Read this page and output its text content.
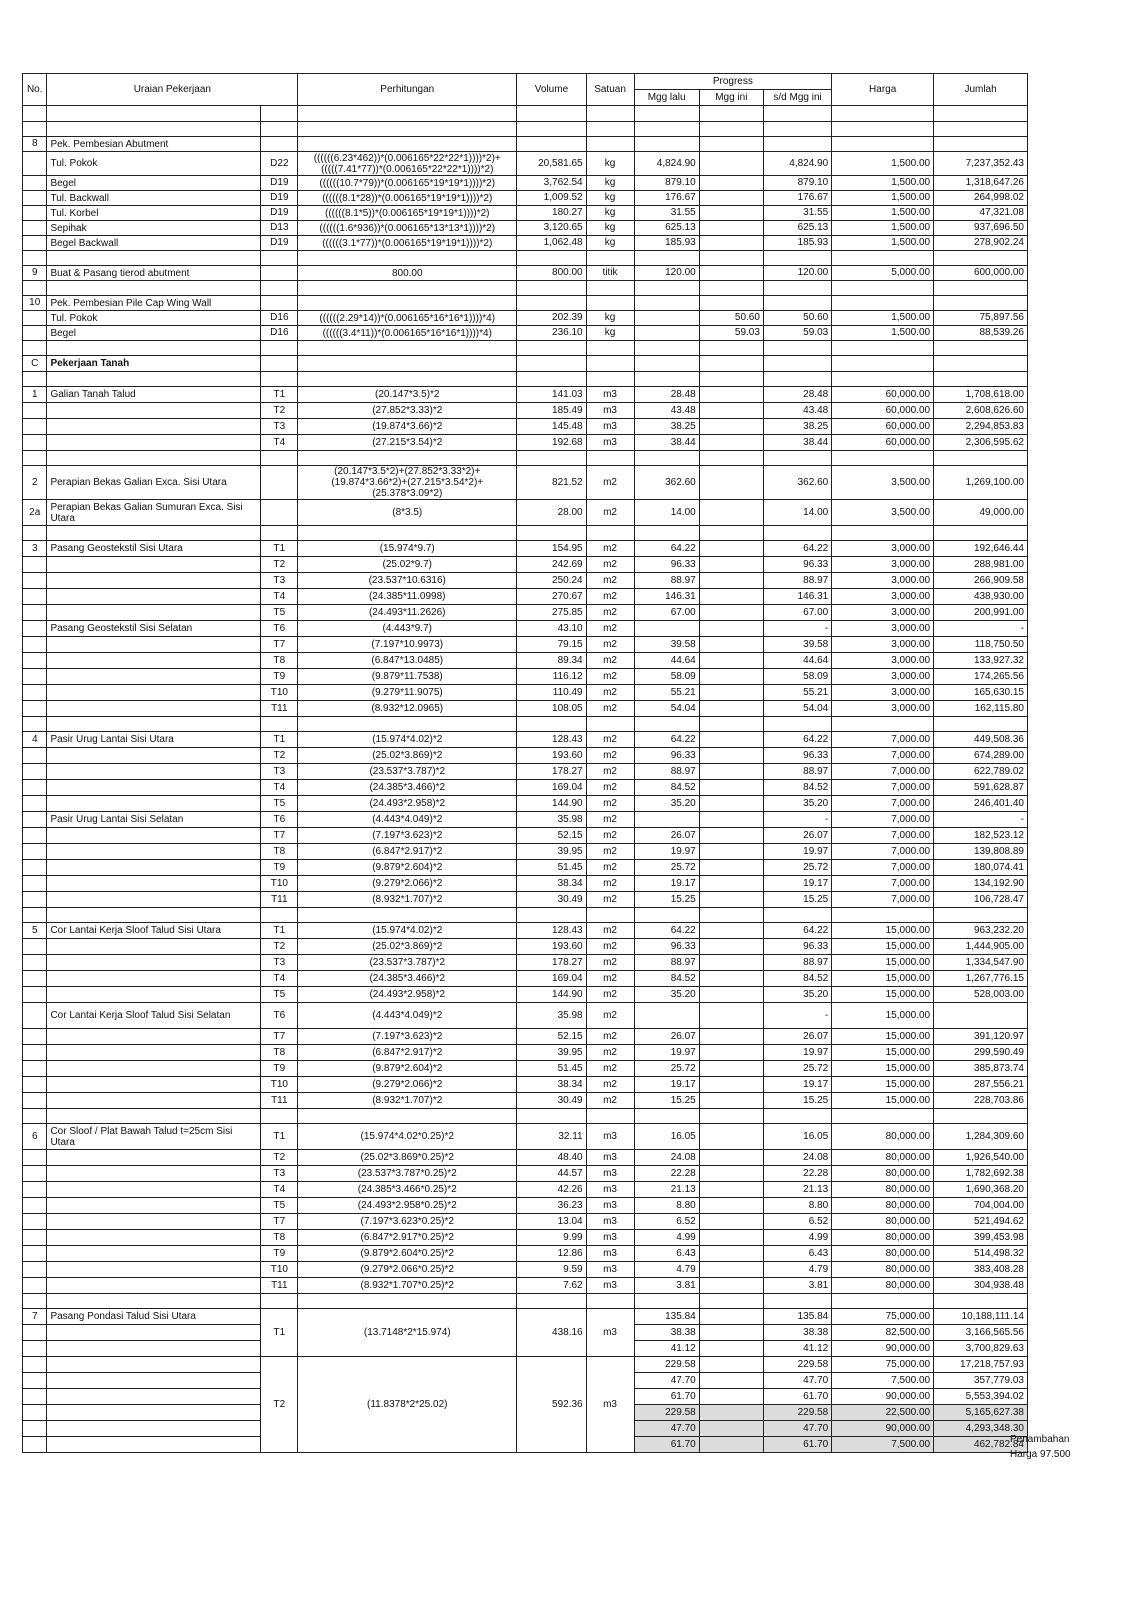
No.	Uraian Pekerjaan		Perhitungan	Volume	Satuan	Progress			Harga	Jumlah
						Mgg lalu	Mgg ini	s/d Mgg ini		

8	Pek. Pembesian Abutment									
	Tul. Pokok	D22	((((((6.23*462))*(0.006165*22*22*1))))*2)+(((((7.41*77))*(0.006165*22*22*1))))*2)	20,581.65	kg	4,824.90		4,824.90	1,500.00	7,237,352.43
	Begel	D19	((((((10.7*79))*(0.006165*19*19*1))))*2)	3,762.54	kg	879.10		879.10	1,500.00	1,318,647.26
	Tul. Backwall	D19	((((((8.1*28))*(0.006165*19*19*1))))*2)	1,009.52	kg	176.67		176.67	1,500.00	264,998.02
	Tul. Korbel	D19	((((((8.1*5))*(0.006165*19*19*1))))*2)	180.27	kg	31.55		31.55	1,500.00	47,321.08
	Sepihak	D13	((((((1.6*936))*(0.006165*13*13*1))))*2)	3,120.65	kg	625.13		625.13	1,500.00	937,696.50
	Begel Backwall	D19	((((((3.1*77))*(0.006165*19*19*1))))*2)	1,062.48	kg	185.93		185.93	1,500.00	278,902.24

9	Buat & Pasang tierod abutment		800.00	800.00	titik	120.00		120.00	5,000.00	600,000.00

10	Pek. Pembesian Pile Cap Wing Wall									
	Tul. Pokok	D16	((((((2.29*14))*(0.006165*16*16*1))))*4)	202.39	kg		50.60	50.60	1,500.00	75,897.56
	Begel	D16	((((((3.4*11))*(0.006165*16*16*1))))*4)	236.10	kg		59.03	59.03	1,500.00	88,539.26

C	Pekerjaan Tanah									

1	Galian Tanah Talud	T1	(20.147*3.5)*2	141.03	m3	28.48		28.48	60,000.00	1,708,618.00
		T2	(27.852*3.33)*2	185.49	m3	43.48		43.48	60,000.00	2,608,626.60
		T3	(19.874*3.66)*2	145.48	m3	38.25		38.25	60,000.00	2,294,853.83
		T4	(27.215*3.54)*2	192.68	m3	38.44		38.44	60,000.00	2,306,595.62

2	Perapian Bekas Galian Exca. Sisi Utara		(20.147*3.5*2)+(27.852*3.33*2)+(19.874*3.66*2)+(27.215*3.54*2)+(25.378*3.09*2)	821.52	m2	362.60		362.60	3,500.00	1,269,100.00
2a	Perapian Bekas Galian Sumuran Exca. Sisi Utara		(8*3.5)	28.00	m2	14.00		14.00	3,500.00	49,000.00

3	Pasang Geostekstil Sisi Utara	T1	(15.974*9.7)	154.95	m2	64.22		64.22	3,000.00	192,646.44
		T2	(25.02*9.7)	242.69	m2	96.33		96.33	3,000.00	288,981.00
		T3	(23.537*10.6316)	250.24	m2	88.97		88.97	3,000.00	266,909.58
		T4	(24.385*11.0998)	270.67	m2	146.31		146.31	3,000.00	438,930.00
		T5	(24.493*11.2626)	275.85	m2	67.00		67.00	3,000.00	200,991.00
	Pasang Geostekstil Sisi Selatan	T6	(4.443*9.7)	43.10	m2			-	3,000.00	-
		T7	(7.197*10.9973)	79.15	m2	39.58		39.58	3,000.00	118,750.50
		T8	(6.847*13.0485)	89.34	m2	44.64		44.64	3,000.00	133,927.32
		T9	(9.879*11.7538)	116.12	m2	58.09		58.09	3,000.00	174,265.56
		T10	(9.279*11.9075)	110.49	m2	55.21		55.21	3,000.00	165,630.15
		T11	(8.932*12.0965)	108.05	m2	54.04		54.04	3,000.00	162,115.80

4	Pasir Urug Lantai Sisi Utara	T1	(15.974*4.02)*2	128.43	m2	64.22		64.22	7,000.00	449,508.36
		T2	(25.02*3.869)*2	193.60	m2	96.33		96.33	7,000.00	674,289.00
		T3	(23.537*3.787)*2	178.27	m2	88.97		88.97	7,000.00	622,789.02
		T4	(24.385*3.466)*2	169.04	m2	84.52		84.52	7,000.00	591,628.87
		T5	(24.493*2.958)*2	144.90	m2	35.20		35.20	7,000.00	246,401.40
	Pasir Urug Lantai Sisi Selatan	T6	(4.443*4.049)*2	35.98	m2			-	7,000.00	-
		T7	(7.197*3.623)*2	52.15	m2	26.07		26.07	7,000.00	182,523.12
		T8	(6.847*2.917)*2	39.95	m2	19.97		19.97	7,000.00	139,808.89
		T9	(9.879*2.604)*2	51.45	m2	25.72		25.72	7,000.00	180,074.41
		T10	(9.279*2.066)*2	38.34	m2	19.17		19.17	7,000.00	134,192.90
		T11	(8.932*1.707)*2	30.49	m2	15.25		15.25	7,000.00	106,728.47

5	Cor Lantai Kerja Sloof Talud Sisi Utara	T1	(15.974*4.02)*2	128.43	m2	64.22		64.22	15,000.00	963,232.20
		T2	(25.02*3.869)*2	193.60	m2	96.33		96.33	15,000.00	1,444,905.00
		T3	(23.537*3.787)*2	178.27	m2	88.97		88.97	15,000.00	1,334,547.90
		T4	(24.385*3.466)*2	169.04	m2	84.52		84.52	15,000.00	1,267,776.15
		T5	(24.493*2.958)*2	144.90	m2	35.20		35.20	15,000.00	528,003.00
	Cor Lantai Kerja Sloof Talud Sisi Selatan	T6	(4.443*4.049)*2	35.98	m2			-	15,000.00	
		T7	(7.197*3.623)*2	52.15	m2	26.07		26.07	15,000.00	391,120.97
		T8	(6.847*2.917)*2	39.95	m2	19.97		19.97	15,000.00	299,590.49
		T9	(9.879*2.604)*2	51.45	m2	25.72		25.72	15,000.00	385,873.74
		T10	(9.279*2.066)*2	38.34	m2	19.17		19.17	15,000.00	287,556.21
		T11	(8.932*1.707)*2	30.49	m2	15.25		15.25	15,000.00	228,703.86

6	Cor Sloof / Plat Bawah Talud t=25cm Sisi Utara	T1	(15.974*4.02*0.25)*2	32.11	m3	16.05		16.05	80,000.00	1,284,309.60
		T2	(25.02*3.869*0.25)*2	48.40	m3	24.08		24.08	80,000.00	1,926,540.00
		T3	(23.537*3.787*0.25)*2	44.57	m3	22.28		22.28	80,000.00	1,782,692.38
		T4	(24.385*3.466*0.25)*2	42.26	m3	21.13		21.13	80,000.00	1,690,368.20
		T5	(24.493*2.958*0.25)*2	36.23	m3	8.80		8.80	80,000.00	704,004.00
		T7	(7.197*3.623*0.25)*2	13.04	m3	6.52		6.52	80,000.00	521,494.62
		T8	(6.847*2.917*0.25)*2	9.99	m3	4.99		4.99	80,000.00	399,453.98
		T9	(9.879*2.604*0.25)*2	12.86	m3	6.43		6.43	80,000.00	514,498.32
		T10	(9.279*2.066*0.25)*2	9.59	m3	4.79		4.79	80,000.00	383,408.28
		T11	(8.932*1.707*0.25)*2	7.62	m3	3.81		3.81	80,000.00	304,938.48

7	Pasang Pondasi Talud Sisi Utara	T1	(13.7148*2*15.974)	438.16	m3	135.84		135.84	75,000.00	10,188,111.14
						38.38		38.38	82,500.00	3,166,565.56
						41.12		41.12	90,000.00	3,700,829.63
		T2	(11.8378*2*25.02)	592.36	m3	229.58		229.58	75,000.00	17,218,757.93
						47.70		47.70	7,500.00	357,779.03
						61.70		61.70	90,000.00	5,553,394.02
						229.58		229.58	22,500.00	5,165,627.38
						47.70		47.70	90,000.00	4,293,348.30
						61.70		61.70	7,500.00	462,782.84
Penambahan
Harga 97.500
